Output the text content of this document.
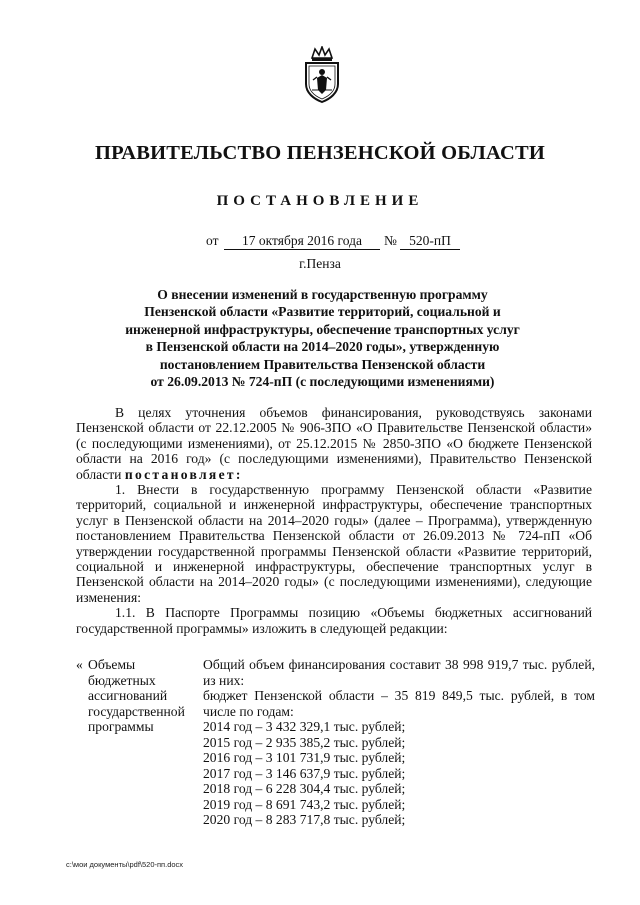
ПРАВИТЕЛЬСТВО ПЕНЗЕНСКОЙ ОБЛАСТИ
ПОСТАНОВЛЕНИЕ
от	17 октября 2016 года	№ 520-пП
г.Пенза
О внесении изменений в государственную программу
Пензенской области «Развитие территорий, социальной и
инженерной инфраструктуры, обеспечение транспортных услуг
в Пензенской области на 2014–2020 годы», утвержденную
постановлением Правительства Пензенской области
от 26.09.2013 № 724-пП (с последующими изменениями)

В целях уточнения объемов финансирования, руководствуясь законами Пензенской области от 22.12.2005 № 906-ЗПО «О Правительстве Пензенской области» (с последующими изменениями), от 25.12.2015 № 2850-ЗПО «О бюджете Пензенской области на 2016 год» (с последующими изменениями), Правительство Пензенской области постановляет:

1. Внести в государственную программу Пензенской области «Развитие территорий, социальной и инженерной инфраструктуры, обеспечение транспортных услуг в Пензенской области на 2014–2020 годы» (далее – Программа), утвержденную постановлением Правительства Пензенской области от 26.09.2013 № 724-пП «Об утверждении государственной программы Пензенской области «Развитие территорий, социальной и инженерной инфраструктуры, обеспечение транспортных услуг в Пензенской области на 2014–2020 годы» (с последующими изменениями), следующие изменения:

1.1. В Паспорте Программы позицию «Объемы бюджетных ассигнований государственной программы» изложить в следующей редакции:

« Объемы
бюджетных
ассигнований
государственной
программы
Общий объем финансирования составит 38 998 919,7 тыс. рублей, из них:
бюджет Пензенской области – 35 819 849,5 тыс. рублей, в том числе по годам:
2014 год – 3 432 329,1 тыс. рублей;
2015 год – 2 935 385,2 тыс. рублей;
2016 год – 3 101 731,9 тыс. рублей;
2017 год – 3 146 637,9 тыс. рублей;
2018 год – 6 228 304,4 тыс. рублей;
2019 год – 8 691 743,2 тыс. рублей;
2020 год – 8 283 717,8 тыс. рублей;
c:\мои документы\pdf\520-пп.docx
